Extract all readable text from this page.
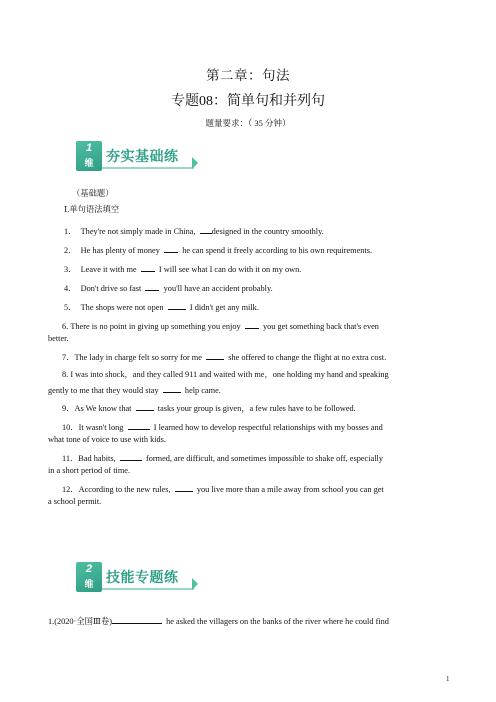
第二章：句法
专题08：简单句和并列句
题量要求：（ 35 分钟）
1
维 夯实基础练
（基础题）
Ⅰ.单句语法填空
1． They're not simply made in China, designed in the country smoothly.
2． He has plenty of money	he can spend it freely according to his own requirements.
3． Leave it with me	I will see what I can do with it on my own.
4． Don't drive so fast	you'll have an accident probably.
5． The shops were not open	I didn't get any milk.
6. There is no point in giving up something you enjoy	you get something back that's even
better.
7．The lady in charge felt so sorry for me	she offered to change the flight at no extra cost.
8. I was into shock，and they called 911 and waited with me，one holding my hand and speaking
gently to me that they would stay	help came.
9．As We know that	tasks your group is given，a few rules have to be followed.
10．It wasn't long	I learned how to develop respectful relationships with my bosses and
what tone of voice to use with kids.
11．Bad habits,	formed, are difficult, and sometimes impossible to shake off, especially
in a short period of time.
12．According to the new rules,	you live more than a mile away from school you can get
a school permit.
2
维 技能专题练
1.(2020·全国Ⅲ卷)	he asked the villagers on the banks of the river where he could find
1
